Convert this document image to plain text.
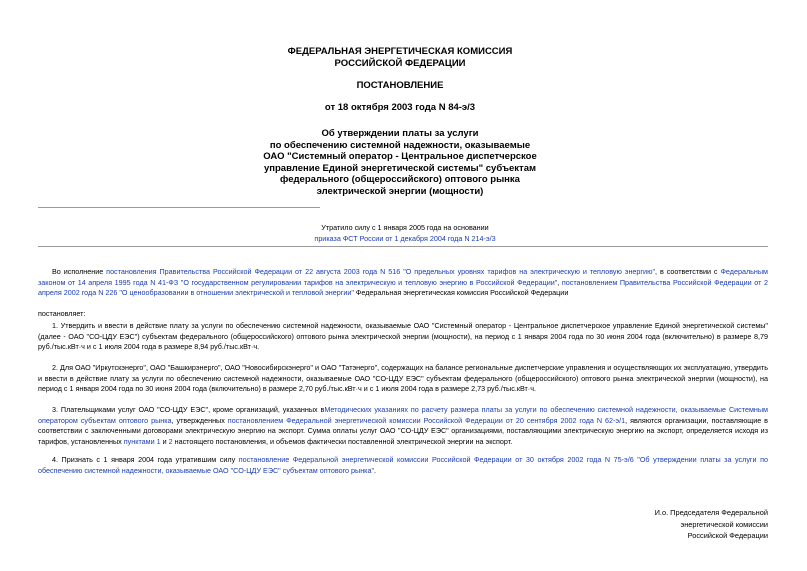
ФЕДЕРАЛЬНАЯ ЭНЕРГЕТИЧЕСКАЯ КОМИССИЯ
РОССИЙСКОЙ ФЕДЕРАЦИИ
ПОСТАНОВЛЕНИЕ
от 18 октября 2003 года N 84-э/3
Об утверждении платы за услуги
по обеспечению системной надежности, оказываемые
ОАО "Системный оператор - Центральное диспетчерское
управление Единой энергетической системы" субъектам
федерального (общероссийского) оптового рынка
электрической энергии (мощности)
Утратило силу с 1 января 2005 года на основании
приказа ФСТ России от 1 декабря 2004 года N 214-э/3
Во исполнение постановления Правительства Российской Федерации от 22 августа 2003 года N 516 "О предельных уровнях тарифов на электрическую и тепловую энергию", в соответствии с Федеральным законом от 14 апреля 1995 года N 41-ФЗ "О государственном регулировании тарифов на электрическую и тепловую энергию в Российской Федерации", постановлением Правительства Российской Федерации от 2 апреля 2002 года N 226 "О ценообразовании в отношении электрической и тепловой энергии" Федеральная энергетическая комиссия Российской Федерации
постановляет:
1. Утвердить и ввести в действие плату за услуги по обеспечению системной надежности, оказываемые ОАО "Системный оператор - Центральное диспетчерское управление Единой энергетической системы" (далее - ОАО "СО-ЦДУ ЕЭС") субъектам федерального (общероссийского) оптового рынка электрической энергии (мощности), на период с 1 января 2004 года по 30 июня 2004 года (включительно) в размере 8,79 руб./тыс.кВт·ч и с 1 июля 2004 года в размере 8,94 руб./тыс.кВт·ч.
2. Для ОАО "Иркутскэнерго", ОАО "Башкирэнерго", ОАО "Новосибирскэнерго" и ОАО "Татэнерго", содержащих на балансе региональные диспетчерские управления и осуществляющих их эксплуатацию, утвердить и ввести в действие плату за услуги по обеспечению системной надежности, оказываемые ОАО "СО-ЦДУ ЕЭС" субъектам федерального (общероссийского) оптового рынка электрической энергии (мощности), на период с 1 января 2004 года по 30 июня 2004 года (включительно) в размере 2,70 руб./тыс.кВт·ч и с 1 июля 2004 года в размере 2,73 руб./тыс.кВт·ч.
3. Плательщиками услуг ОАО "СО-ЦДУ ЕЭС", кроме организаций, указанных вМетодических указаниях по расчету размера платы за услуги по обеспечению системной надежности, оказываемые Системным оператором субъектам оптового рынка, утвержденных постановлением Федеральной энергетической комиссии Российской Федерации от 20 сентября 2002 года N 62-э/1, являются организации, поставляющие в соответствии с заключенными договорами электрическую энергию на экспорт. Сумма оплаты услуг ОАО "СО-ЦДУ ЕЭС" организациями, поставляющими электрическую энергию на экспорт, определяется исходя из тарифов, установленных пунктами 1 и 2 настоящего постановления, и объемов фактически поставленной электрической энергии на экспорт.
4. Признать с 1 января 2004 года утратившим силу постановление Федеральной энергетической комиссии Российской Федерации от 30 октября 2002 года N 75-э/6 "Об утверждении платы за услуги по обеспечению системной надежности, оказываемые ОАО "СО-ЦДУ ЕЭС" субъектам оптового рынка".
И.о. Председателя Федеральной
энергетической комиссии
Российской Федерации
